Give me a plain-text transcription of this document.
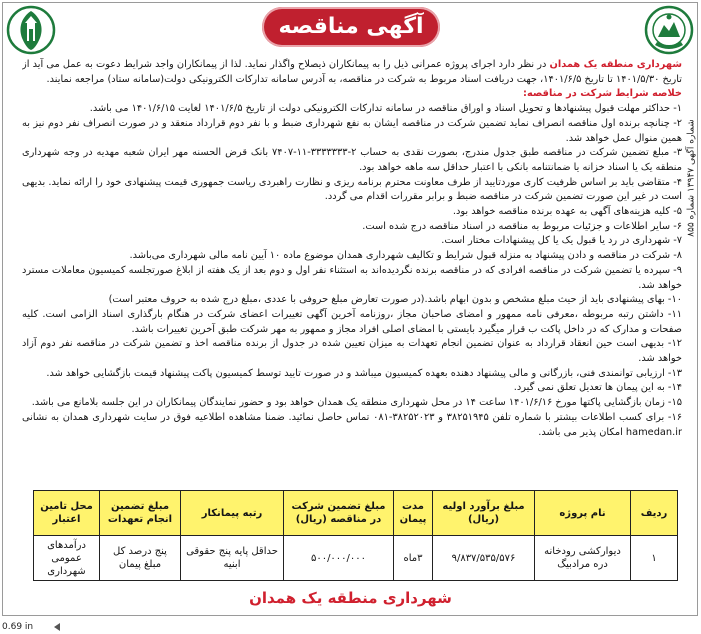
آگهی مناقصه
شماره آگهی ۱۳۹۴۷ شماره ۸۵۵

شهرداری منطقه یک همدان در نظر دارد اجرای پروژه عمرانی ذیل را به پیمانکاران ذیصلاح واگذار نماید. لذا از پیمانکاران واجد شرایط دعوت به عمل می آید از تاریخ ۱۴۰۱/۵/۳۰ تا تاریخ ۱۴۰۱/۶/۵، جهت دریافت اسناد مربوط به شرکت در مناقصه، به آدرس سامانه تدارکات الکترونیکی دولت(سامانه ستاد) مراجعه نمایند.

خلاصه شرایط شرکت در مناقصه:

۱- حداکثر مهلت قبول پیشنهادها و تحویل اسناد و اوراق مناقصه در سامانه تدارکات الکترونیکی دولت از تاریخ ۱۴۰۱/۶/۵ لغایت ۱۴۰۱/۶/۱۵ می باشد.

۲- چنانچه برنده اول مناقصه انصراف نماید تضمین شرکت در مناقصه ایشان به نفع شهرداری ضبط و با نفر دوم قرارداد منعقد و در صورت انصراف نفر دوم نیز به همین منوال عمل خواهد شد.

۳- مبلغ تضمین شرکت در مناقصه طبق جدول مندرج، بصورت نقدی به حساب ۲-۳۳۳۳۳۳۳-۱۱-۷۴۰۷ بانک قرض الحسنه مهر ایران شعبه مهدیه در وجه شهرداری منطقه یک یا اسناد خزانه یا ضمانتنامه بانکی با اعتبار حداقل سه ماهه خواهد بود.

۴- متقاضی باید بر اساس ظرفیت کاری موردتایید از طرف معاونت محترم برنامه ریزی و نظارت راهبردی ریاست جمهوری قیمت پیشنهادی خود را ارائه نماید. بدیهی است در غیر این صورت تضمین شرکت در مناقصه ضبط و برابر مقررات اقدام می گردد.

۵- کلیه هزینه‌های آگهی به عهده برنده مناقصه خواهد بود.

۶- سایر اطلاعات و جزئیات مربوط به مناقصه در اسناد مناقصه درج شده است.

۷- شهرداری در رد یا قبول یک یا کل پیشنهادات مختار است.

۸- شرکت در مناقصه و دادن پیشنهاد به منزله قبول شرایط و تکالیف شهرداری همدان موضوع ماده ۱۰ آیین نامه مالی شهرداری می‌باشد.

۹- سپرده یا تضمین شرکت در مناقصه افرادی که در مناقصه برنده نگردیده‌اند به استثناء نفر اول و دوم بعد از یک هفته از ابلاغ صورتجلسه کمیسیون معاملات مسترد خواهد شد.

۱۰- بهای پیشنهادی باید از حیث مبلغ مشخص و بدون ابهام باشد.(در صورت تعارض مبلغ حروفی با عددی ،مبلغ درج شده به حروف معتبر است)

۱۱- داشتن رتبه مربوطه ،معرفی نامه ممهور و امضای صاحبان مجاز ،روزنامه آخرین آگهی تغییرات اعضای شرکت در هنگام بارگذاری اسناد الزامی است. کلیه صفحات و مدارک که در داخل پاکت ب قرار میگیرد بایستی با امضای اصلی افراد مجاز و ممهور به مهر شرکت طبق آخرین تغییرات باشد.

۱۲- بدیهی است حین انعقاد قرارداد به عنوان تضمین انجام تعهدات به میزان تعیین شده در جدول از برنده مناقصه اخذ و تضمین شرکت در مناقصه نفر دوم آزاد خواهد شد.

۱۳- ارزیابی توانمندی فنی، بازرگانی و مالی پیشنهاد دهنده بعهده کمیسیون میباشد و در صورت تایید توسط کمیسیون پاکت پیشنهاد قیمت بازگشایی خواهد شد.

۱۴- به این پیمان ها تعدیل تعلق نمی گیرد.

۱۵- زمان بازگشایی پاکتها مورخ ۱۴۰۱/۶/۱۶ ساعت ۱۴ در محل شهرداری منطقه یک همدان خواهد بود و حضور نمایندگان پیمانکاران در این جلسه بلامانع می باشد.

۱۶- برای کسب اطلاعات بیشتر با شماره تلفن ۳۸۲۵۱۹۴۵ و ۳۸۲۵۲۰۲۳-۰۸۱ تماس حاصل نمائید. ضمنا مشاهده اطلاعیه فوق در سایت شهرداری همدان به نشانی hamedan.ir امکان پذیر می باشد.

ردیف	نام پروژه	مبلغ برآورد اولیه (ریال)	مدت پیمان	مبلغ تضمین شرکت در مناقصه (ریال)	رتبه پیمانکار	مبلغ تضمین انجام تعهدات	محل تامین اعتبار
۱	دیوارکشی رودخانه دره مرادبیگ	۹/۸۳۷/۵۳۵/۵۷۶	۳ماه	۵۰۰/۰۰۰/۰۰۰	حداقل پایه پنج حقوقی ابنیه	پنج درصد کل مبلغ پیمان	درآمدهای عمومی شهرداری
شهرداری منطقه یک همدان
0.69 in
